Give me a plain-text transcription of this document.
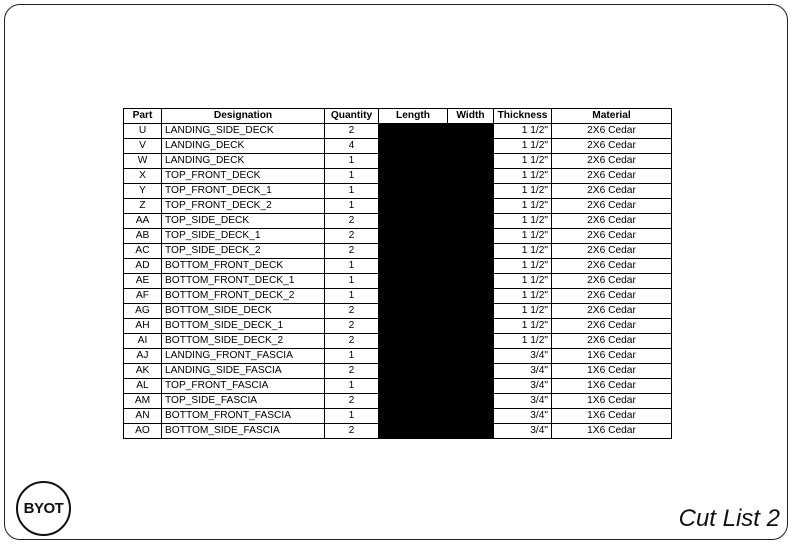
Part	Designation	Quantity	Length	Width	Thickness	Material
U	LANDING_SIDE_DECK	2			1 1/2"	2X6 Cedar
V	LANDING_DECK	4			1 1/2"	2X6 Cedar
W	LANDING_DECK	1			1 1/2"	2X6 Cedar
X	TOP_FRONT_DECK	1			1 1/2"	2X6 Cedar
Y	TOP_FRONT_DECK_1	1			1 1/2"	2X6 Cedar
Z	TOP_FRONT_DECK_2	1			1 1/2"	2X6 Cedar
AA	TOP_SIDE_DECK	2			1 1/2"	2X6 Cedar
AB	TOP_SIDE_DECK_1	2			1 1/2"	2X6 Cedar
AC	TOP_SIDE_DECK_2	2			1 1/2"	2X6 Cedar
AD	BOTTOM_FRONT_DECK	1			1 1/2"	2X6 Cedar
AE	BOTTOM_FRONT_DECK_1	1			1 1/2"	2X6 Cedar
AF	BOTTOM_FRONT_DECK_2	1			1 1/2"	2X6 Cedar
AG	BOTTOM_SIDE_DECK	2			1 1/2"	2X6 Cedar
AH	BOTTOM_SIDE_DECK_1	2			1 1/2"	2X6 Cedar
AI	BOTTOM_SIDE_DECK_2	2			1 1/2"	2X6 Cedar
AJ	LANDING_FRONT_FASCIA	1			3/4"	1X6 Cedar
AK	LANDING_SIDE_FASCIA	2			3/4"	1X6 Cedar
AL	TOP_FRONT_FASCIA	1			3/4"	1X6 Cedar
AM	TOP_SIDE_FASCIA	2			3/4"	1X6 Cedar
AN	BOTTOM_FRONT_FASCIA	1			3/4"	1X6 Cedar
AO	BOTTOM_SIDE_FASCIA	2			3/4"	1X6 Cedar
BYOT	Cut List 2
